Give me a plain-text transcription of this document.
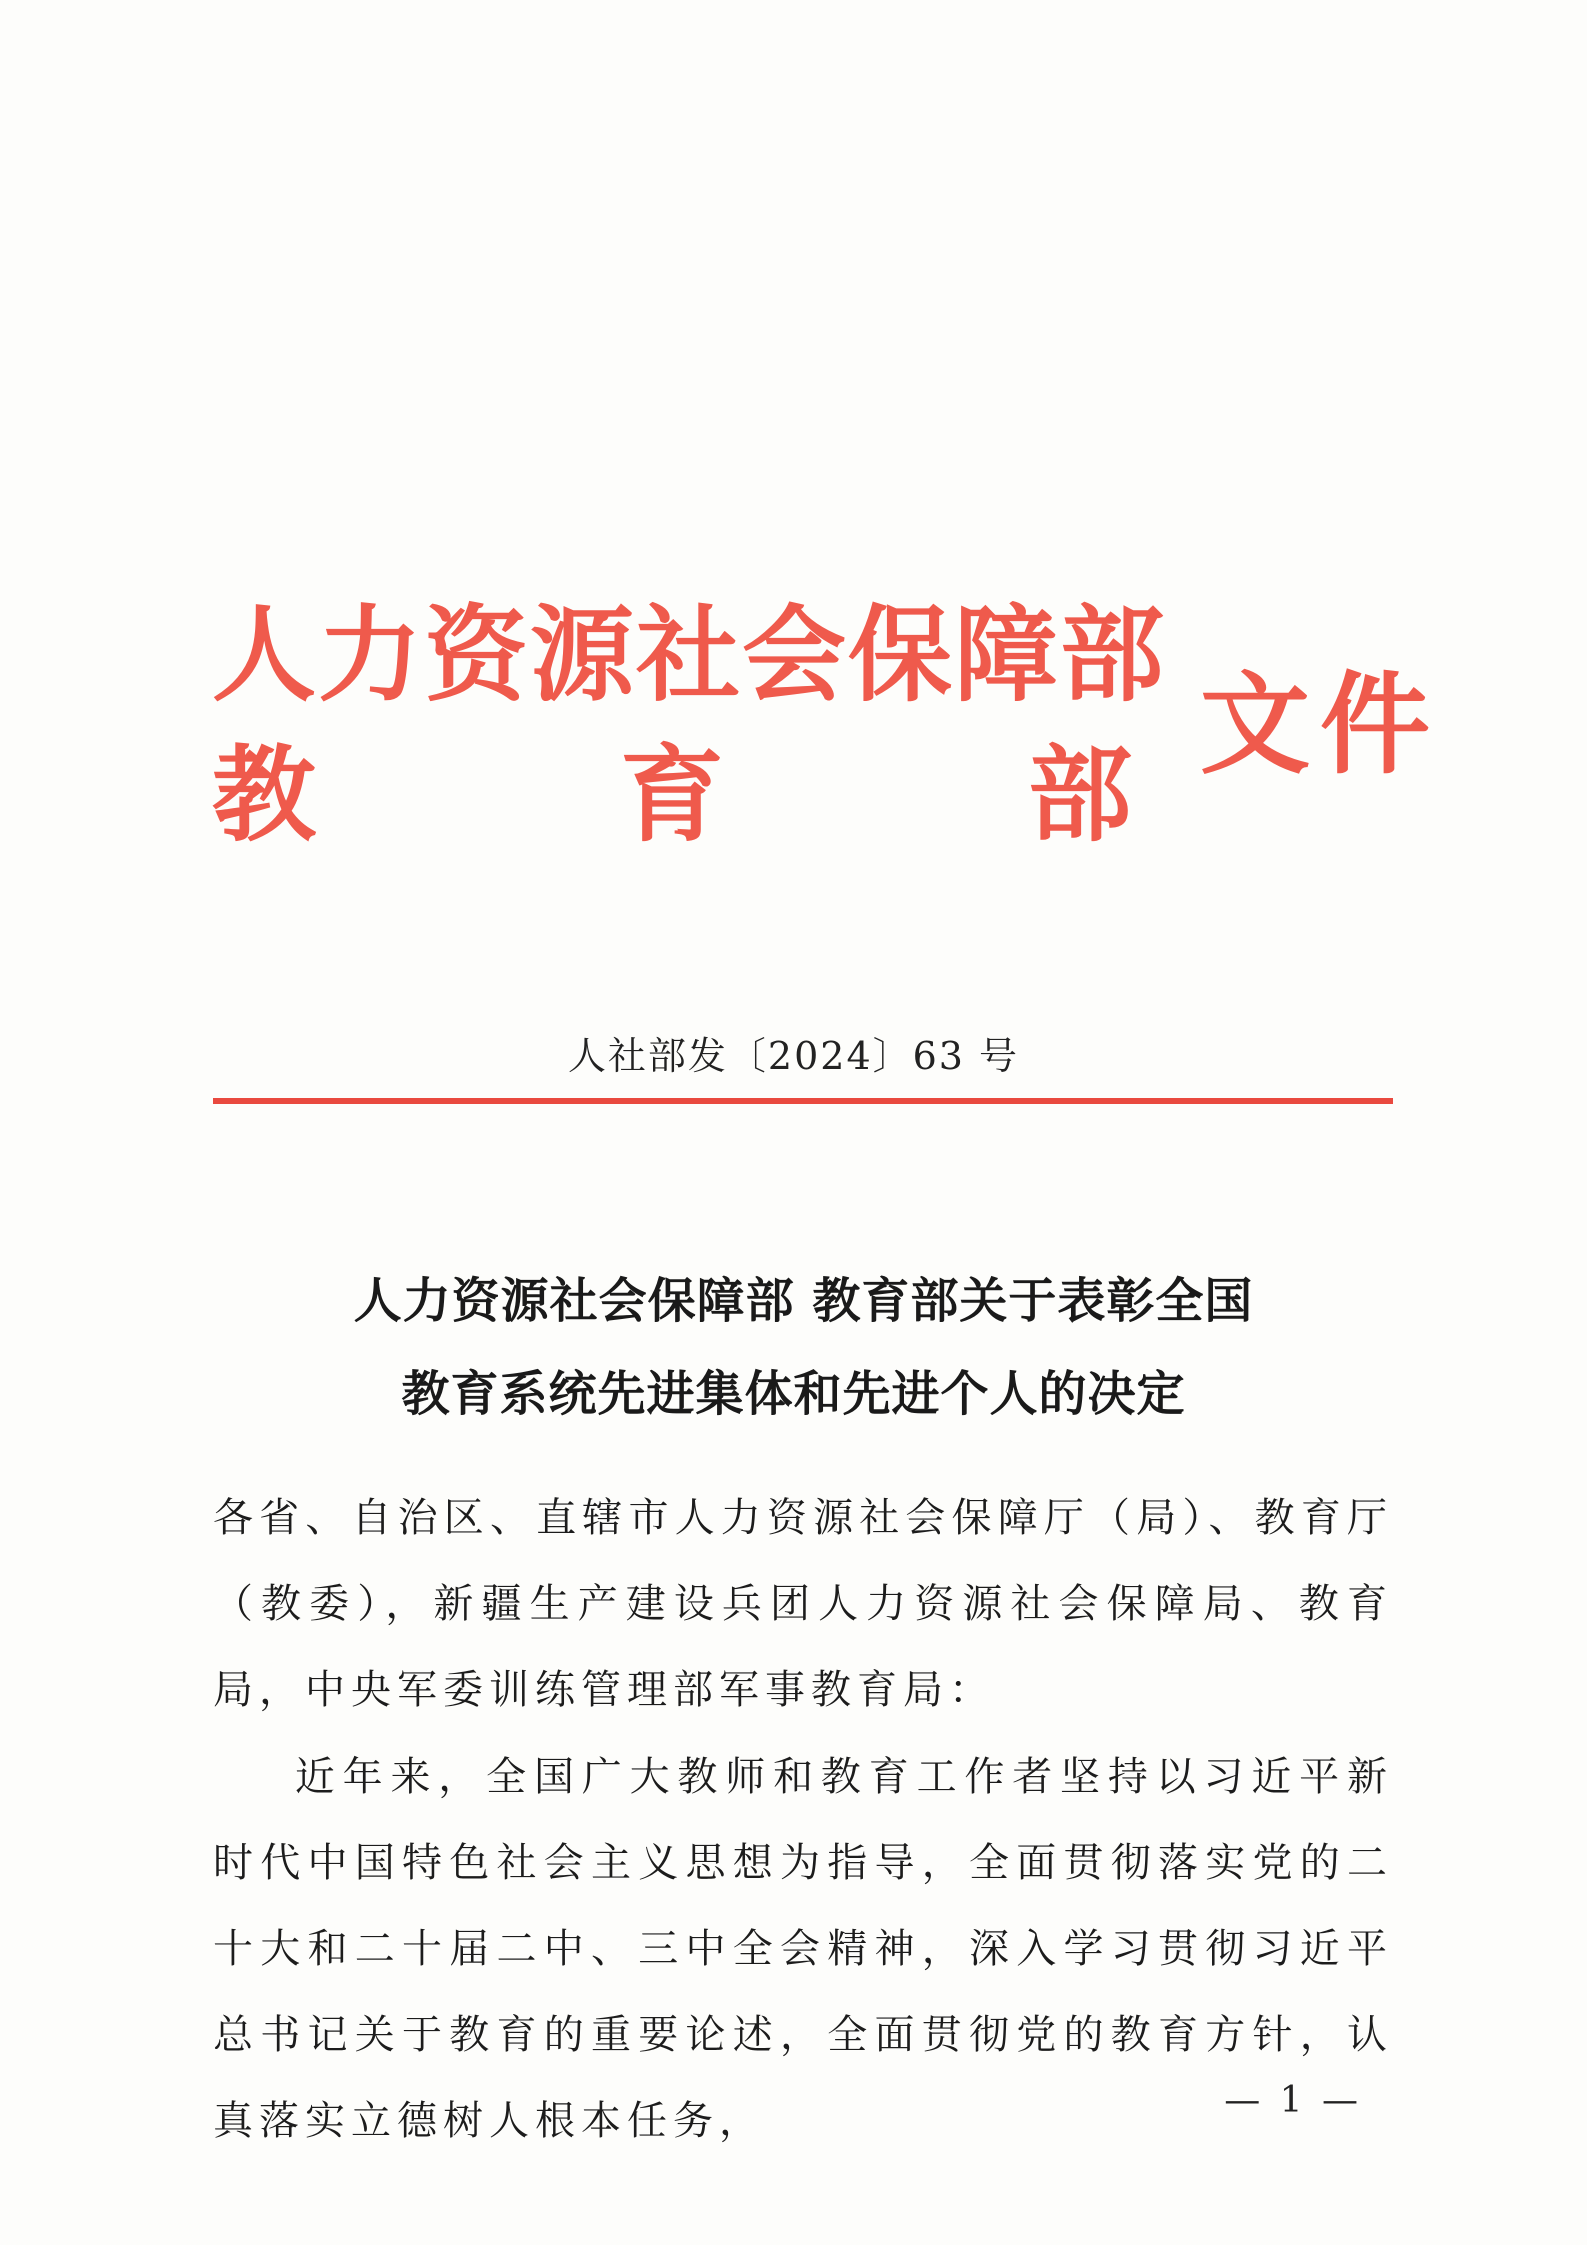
人力资源社会保障部
教	育	部
文件
人社部发〔2024〕63 号
人力资源社会保障部 教育部关于表彰全国
教育系统先进集体和先进个人的决定
各省、自治区、直辖市人力资源社会保障厅（局）、教育厅（教委），新疆生产建设兵团人力资源社会保障局、教育局，中央军委训练管理部军事教育局：
近年来，全国广大教师和教育工作者坚持以习近平新时代中国特色社会主义思想为指导，全面贯彻落实党的二十大和二十届二中、三中全会精神，深入学习贯彻习近平总书记关于教育的重要论述，全面贯彻党的教育方针，认真落实立德树人根本任务，	— 1 —
